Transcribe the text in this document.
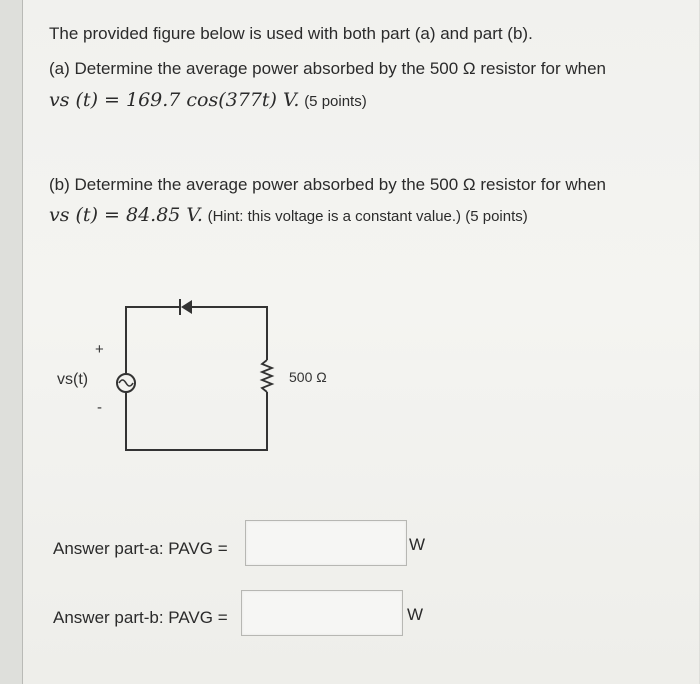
The provided figure below is used with both part (a) and part (b).
(a) Determine the average power absorbed by the 500 Ω resistor for when
vs (t) = 169.7 cos(377t) V. (5 points)
(b) Determine the average power absorbed by the 500 Ω resistor for when
vs (t) = 84.85 V. (Hint: this voltage is a constant value.) (5 points)
+
-
vs(t)	500 Ω
Answer part-a: PAVG =	W
Answer part-b: PAVG =	W
